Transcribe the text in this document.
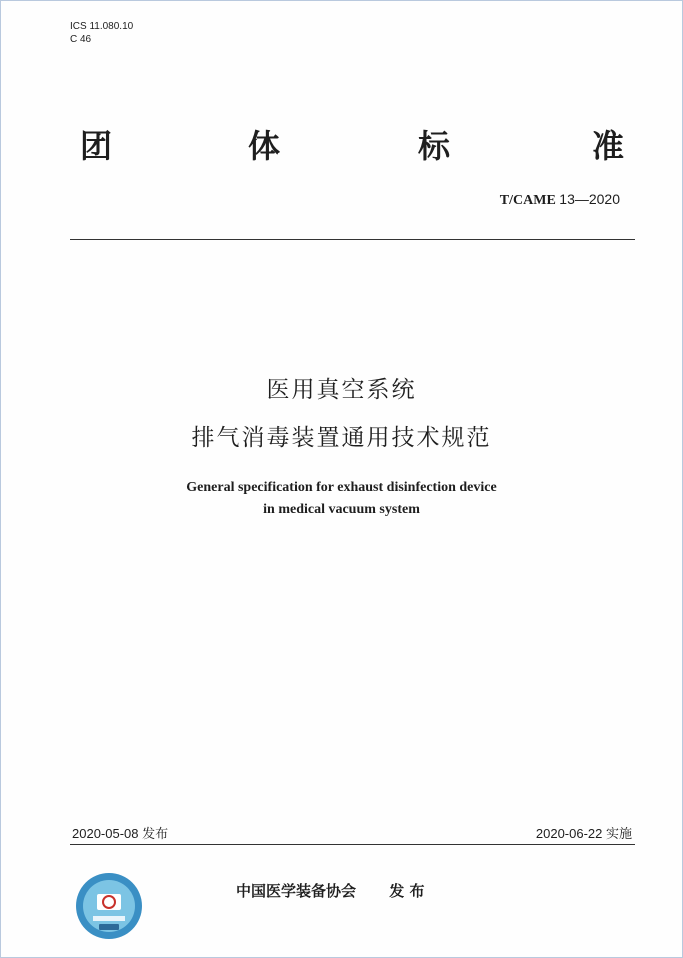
ICS 11.080.10
C 46
团	体	标	准
T/CAME 13—2020
医用真空系统
排气消毒装置通用技术规范
General specification for exhaust disinfection device
in medical vacuum system
2020-05-08 发布	2020-06-22 实施
中国医学装备协会 发 布
